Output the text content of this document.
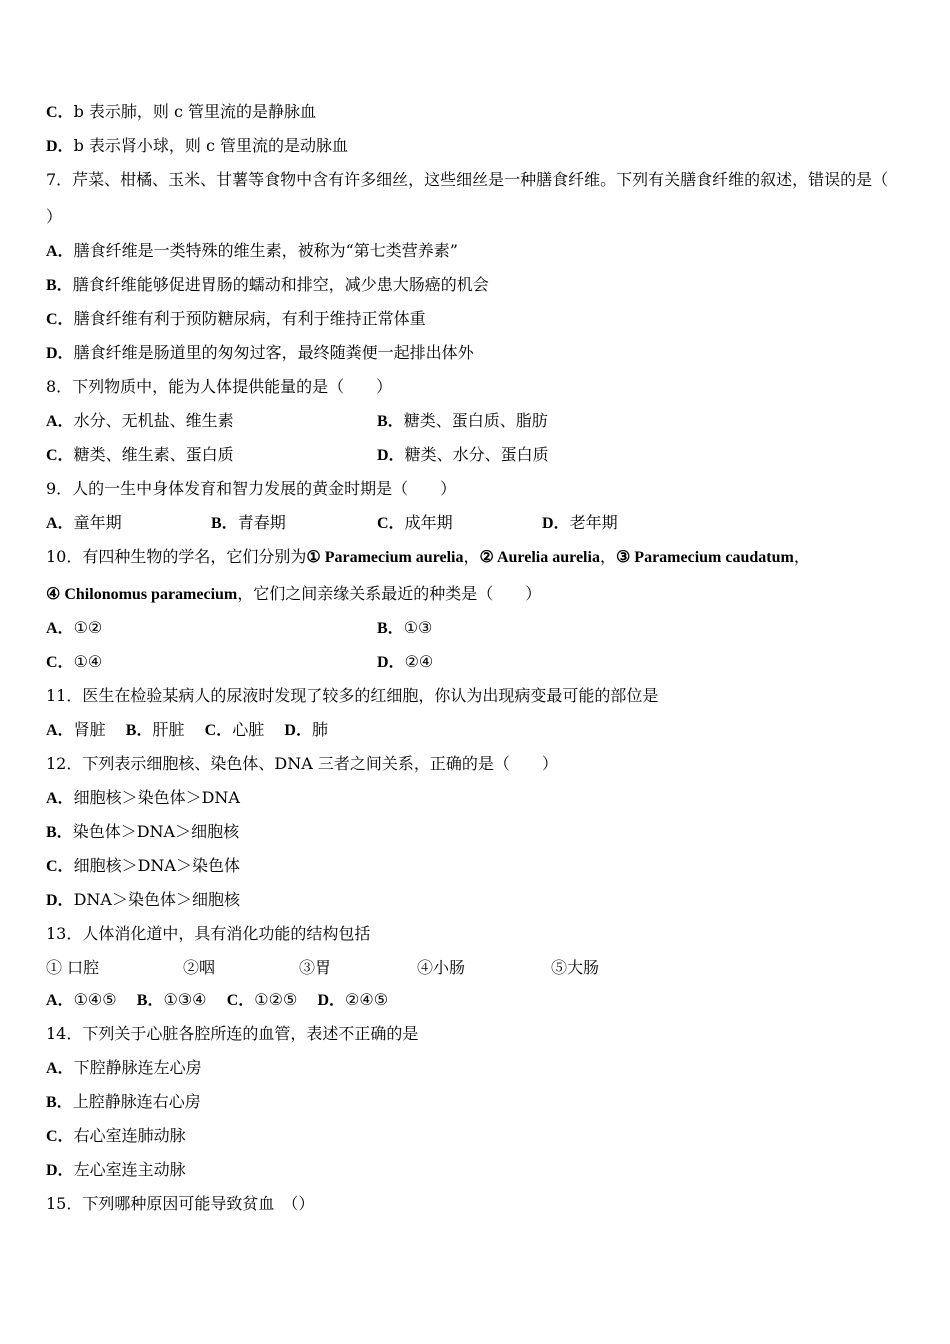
C．b 表示肺，则 c 管里流的是静脉血
D．b 表示肾小球，则 c 管里流的是动脉血
7．芹菜、柑橘、玉米、甘薯等食物中含有许多细丝，这些细丝是一种膳食纤维。下列有关膳食纤维的叙述，错误的是（
）
A．膳食纤维是一类特殊的维生素，被称为“第七类营养素”
B．膳食纤维能够促进胃肠的蠕动和排空，减少患大肠癌的机会
C．膳食纤维有利于预防糖尿病，有利于维持正常体重
D．膳食纤维是肠道里的匆匆过客，最终随粪便一起排出体外
8．下列物质中，能为人体提供能量的是（　　）
A．水分、无机盐、维生素	B．糖类、蛋白质、脂肪
C．糖类、维生素、蛋白质	D．糖类、水分、蛋白质
9．人的一生中身体发育和智力发展的黄金时期是（　　）
A．童年期	B．青春期	C．成年期	D．老年期
10．有四种生物的学名，它们分别为① Paramecium aurelia，② Aurelia aurelia，③ Paramecium caudatum，
④ Chilonomus paramecium，它们之间亲缘关系最近的种类是（　　）
A．①②	B．①③
C．①④	D．②④
11．医生在检验某病人的尿液时发现了较多的红细胞，你认为出现病变最可能的部位是
A．肾脏 B．肝脏 C．心脏 D．肺
12．下列表示细胞核、染色体、DNA 三者之间关系，正确的是（　　）
A．细胞核＞染色体＞DNA
B．染色体＞DNA＞细胞核
C．细胞核＞DNA＞染色体
D．DNA＞染色体＞细胞核
13．人体消化道中，具有消化功能的结构包括
① 口腔	②咽	③胃	④小肠	⑤大肠
A．①④⑤ B．①③④ C．①②⑤ D．②④⑤
14．下列关于心脏各腔所连的血管，表述不正确的是
A．下腔静脉连左心房
B．上腔静脉连右心房
C．右心室连肺动脉
D．左心室连主动脉
15．下列哪种原因可能导致贫血　（）
